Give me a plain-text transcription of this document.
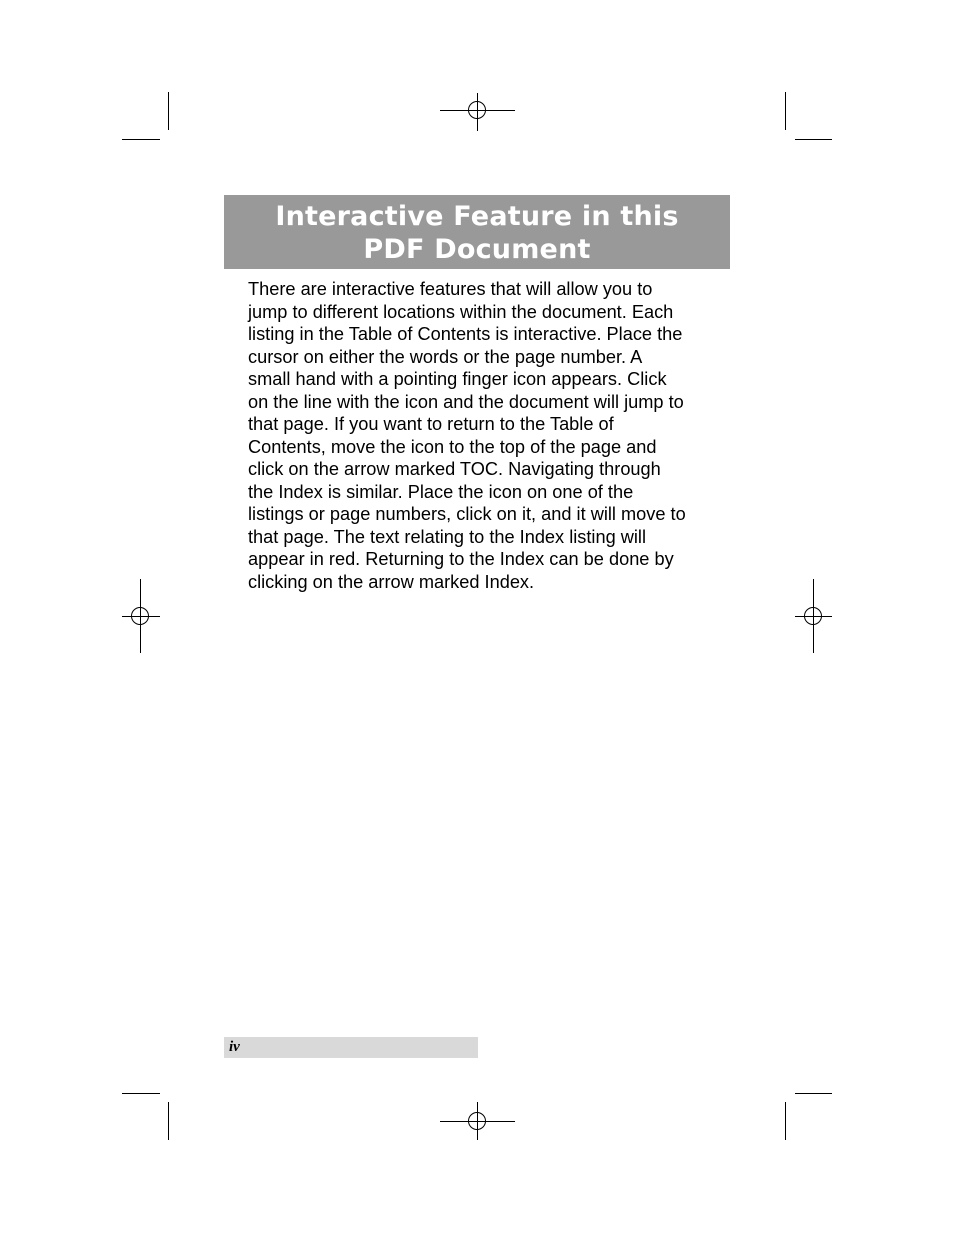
Interactive Feature in this
PDF Document
There are interactive features that will allow you to
jump to different locations within the document. Each
listing in the Table of Contents is interactive. Place the
cursor on either the words or the page number. A
small hand with a pointing finger icon appears. Click
on the line with the icon and the document will jump to
that page. If you want to return to the Table of
Contents, move the icon to the top of the page and
click on the arrow marked TOC. Navigating through
the Index is similar. Place the icon on one of the
listings or page numbers, click on it, and it will move to
that page. The text relating to the Index listing will
appear in red. Returning to the Index can be done by
clicking on the arrow marked Index.
iv
